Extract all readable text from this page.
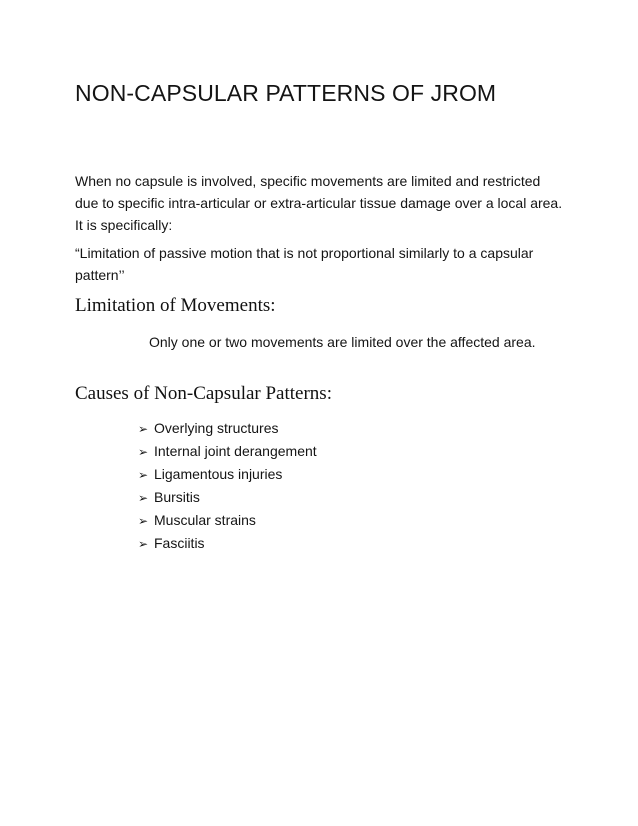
NON-CAPSULAR PATTERNS OF JROM
When no capsule is involved, specific movements are limited and restricted due to specific intra-articular or extra-articular tissue damage over a local area. It is specifically:
“Limitation of passive motion that is not proportional similarly to a capsular pattern’’
Limitation of Movements:
Only one or two movements are limited over the affected area.
Causes of Non-Capsular Patterns:
➢ Overlying structures
➢ Internal joint derangement
➢ Ligamentous injuries
➢ Bursitis
➢ Muscular strains
➢ Fasciitis
